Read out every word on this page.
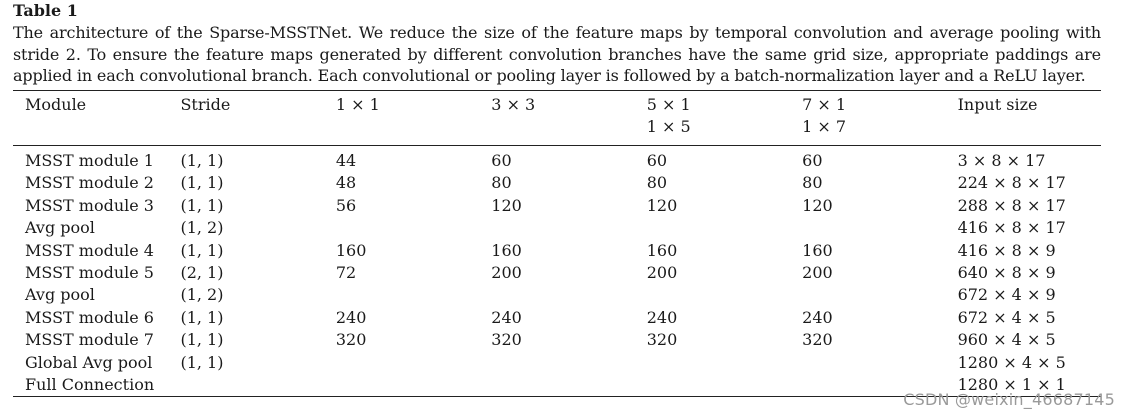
Table 1

The architecture of the Sparse-MSSTNet. We reduce the size of the feature maps by temporal convolution and average pooling with stride 2. To ensure the feature maps generated by different convolution branches have the same grid size, appropriate paddings are applied in each convolutional branch. Each convolutional or pooling layer is followed by a batch-normalization layer and a ReLU layer.

Module	Stride	1 × 1	3 × 3	5 × 1	7 × 1	Input size
				1 × 5	1 × 7	
MSST module 1	(1, 1)	44	60	60	60	3 × 8 × 17
MSST module 2	(1, 1)	48	80	80	80	224 × 8 × 17
MSST module 3	(1, 1)	56	120	120	120	288 × 8 × 17
Avg pool	(1, 2)					416 × 8 × 17
MSST module 4	(1, 1)	160	160	160	160	416 × 8 × 9
MSST module 5	(2, 1)	72	200	200	200	640 × 8 × 9
Avg pool	(1, 2)					672 × 4 × 9
MSST module 6	(1, 1)	240	240	240	240	672 × 4 × 5
MSST module 7	(1, 1)	320	320	320	320	960 × 4 × 5
Global Avg pool	(1, 1)					1280 × 4 × 5
Full Connection						1280 × 1 × 1
CSDN @weixin_46687145
